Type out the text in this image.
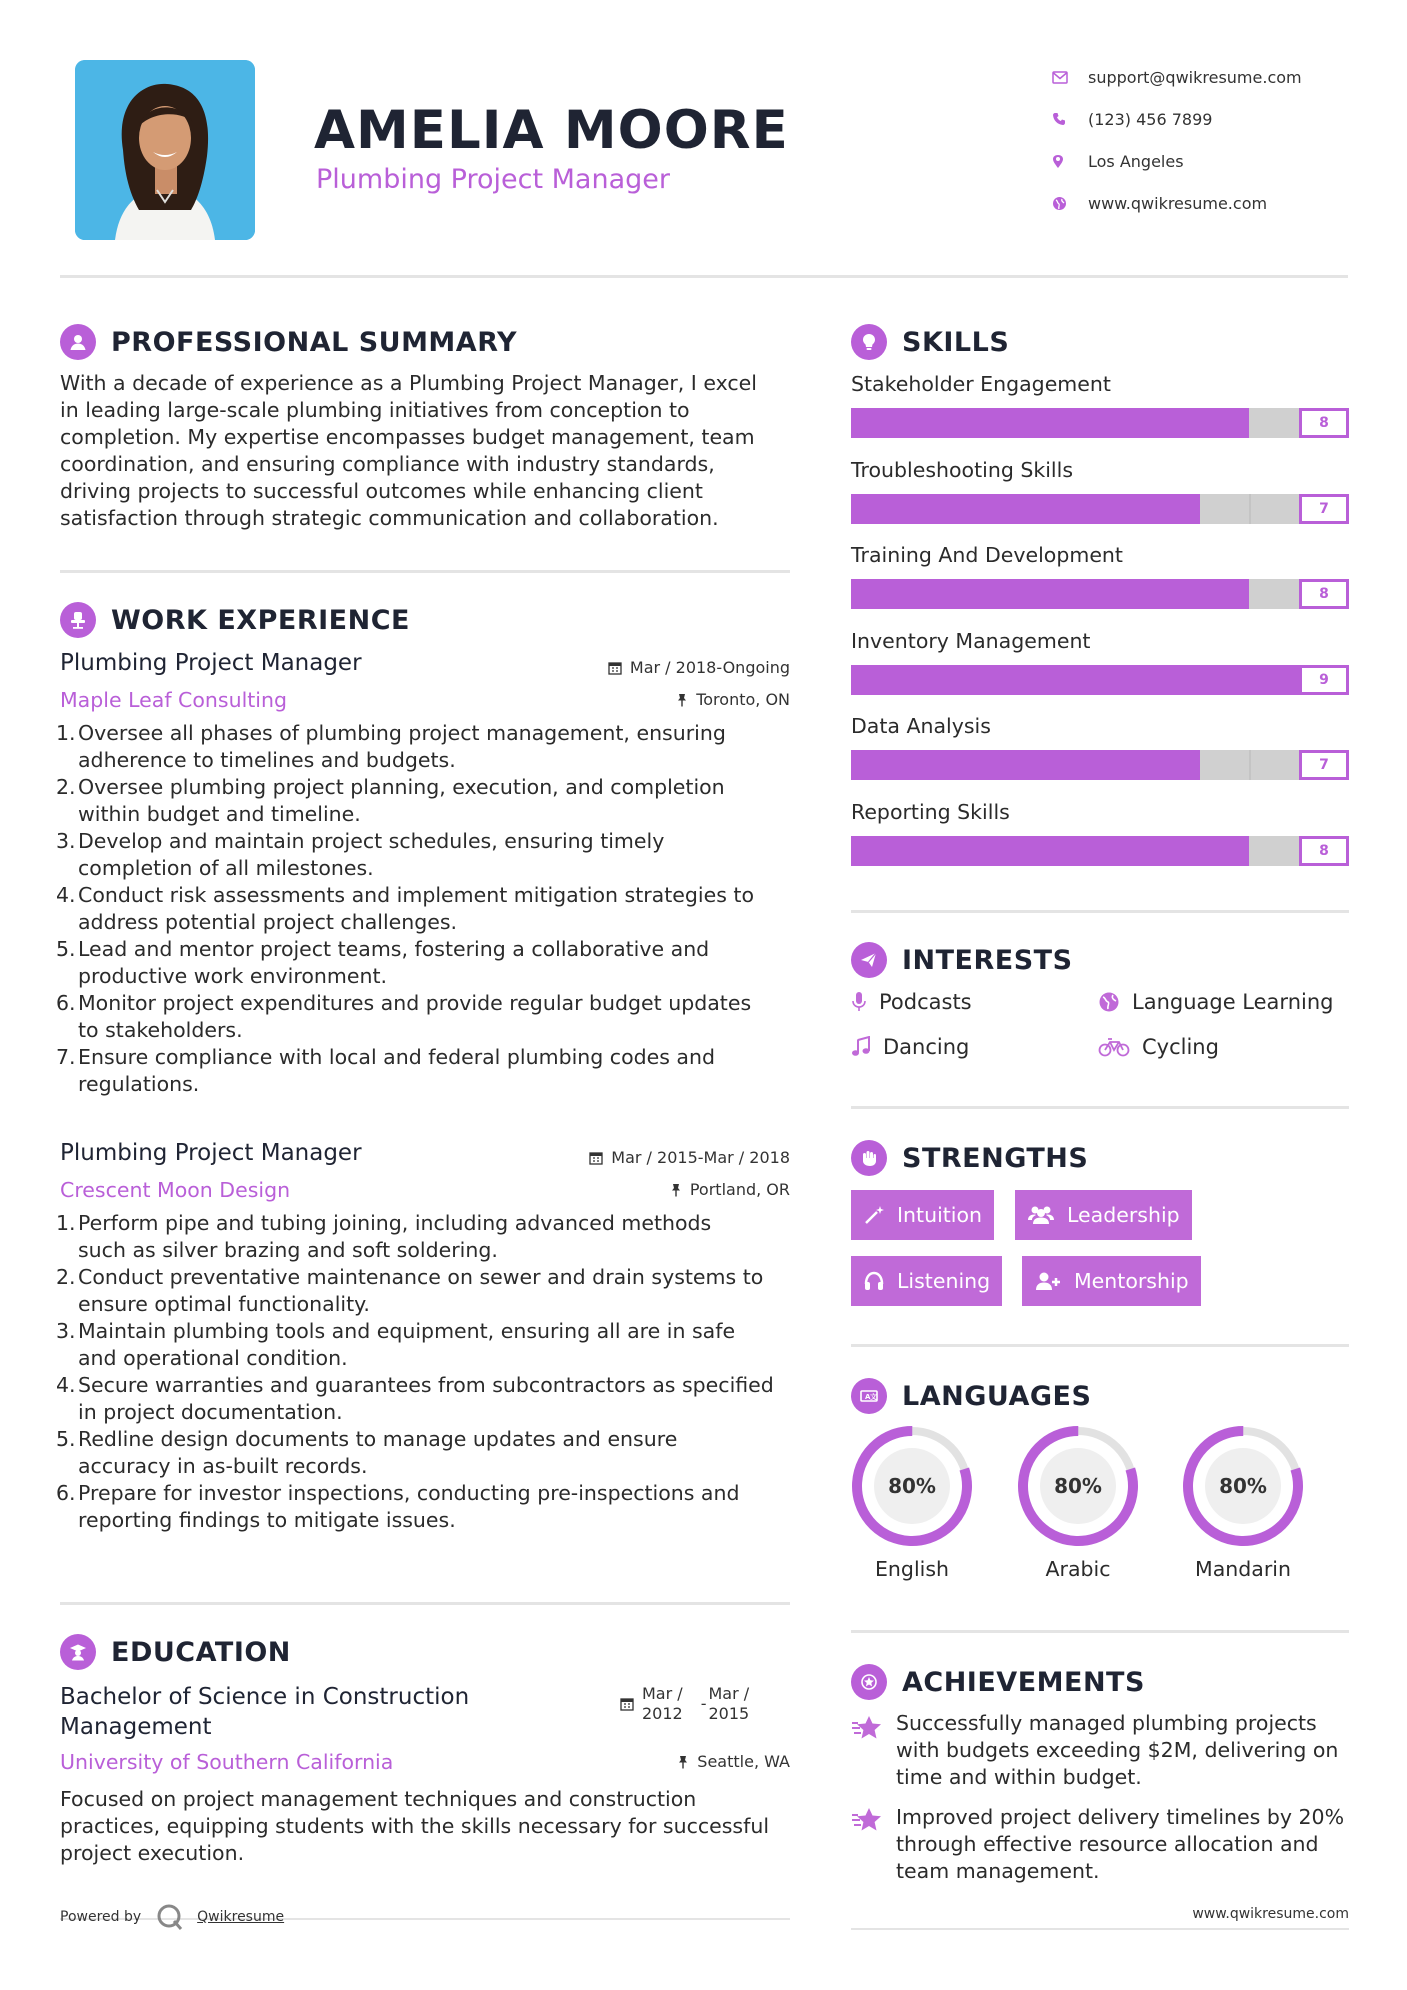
AMELIA MOORE
Plumbing Project Manager
support@qwikresume.com
(123) 456 7899
Los Angeles
www.qwikresume.com
PROFESSIONAL SUMMARY
With a decade of experience as a Plumbing Project Manager, I excel
in leading large-scale plumbing initiatives from conception to
completion. My expertise encompasses budget management, team
coordination, and ensuring compliance with industry standards,
driving projects to successful outcomes while enhancing client
satisfaction through strategic communication and collaboration.
WORK EXPERIENCE
Plumbing Project Manager
Maple Leaf Consulting
Mar / 2018-Ongoing
Toronto, ON
1. Oversee all phases of plumbing project management, ensuring
adherence to timelines and budgets.
2. Oversee plumbing project planning, execution, and completion
within budget and timeline.
3. Develop and maintain project schedules, ensuring timely
completion of all milestones.
4. Conduct risk assessments and implement mitigation strategies to
address potential project challenges.
5. Lead and mentor project teams, fostering a collaborative and
productive work environment.
6. Monitor project expenditures and provide regular budget updates
to stakeholders.
7. Ensure compliance with local and federal plumbing codes and
regulations.
Plumbing Project Manager
Crescent Moon Design
Mar / 2015-Mar / 2018
Portland, OR
1. Perform pipe and tubing joining, including advanced methods
such as silver brazing and soft soldering.
2. Conduct preventative maintenance on sewer and drain systems to
ensure optimal functionality.
3. Maintain plumbing tools and equipment, ensuring all are in safe
and operational condition.
4. Secure warranties and guarantees from subcontractors as specified
in project documentation.
5. Redline design documents to manage updates and ensure
accuracy in as-built records.
6. Prepare for investor inspections, conducting pre-inspections and
reporting findings to mitigate issues.
EDUCATION
Bachelor of Science in Construction
Management
University of Southern California
Mar /
2012
-
Mar /
2015
Seattle, WA
Focused on project management techniques and construction
practices, equipping students with the skills necessary for successful
project execution.
Powered by	Qwikresume
SKILLS
Stakeholder Engagement
8
Troubleshooting Skills
7
Training And Development
8
Inventory Management
9
Data Analysis
7
Reporting Skills
8
INTERESTS
Podcasts	Language Learning
Dancing	Cycling
STRENGTHS
Intuition	Leadership
Listening	Mentorship
A 文 LANGUAGES
80%
English
80%
Arabic
80%
Mandarin
ACHIEVEMENTS
Successfully managed plumbing projects
with budgets exceeding $2M, delivering on
time and within budget.
Improved project delivery timelines by 20%
through effective resource allocation and
team management.
www.qwikresume.com
